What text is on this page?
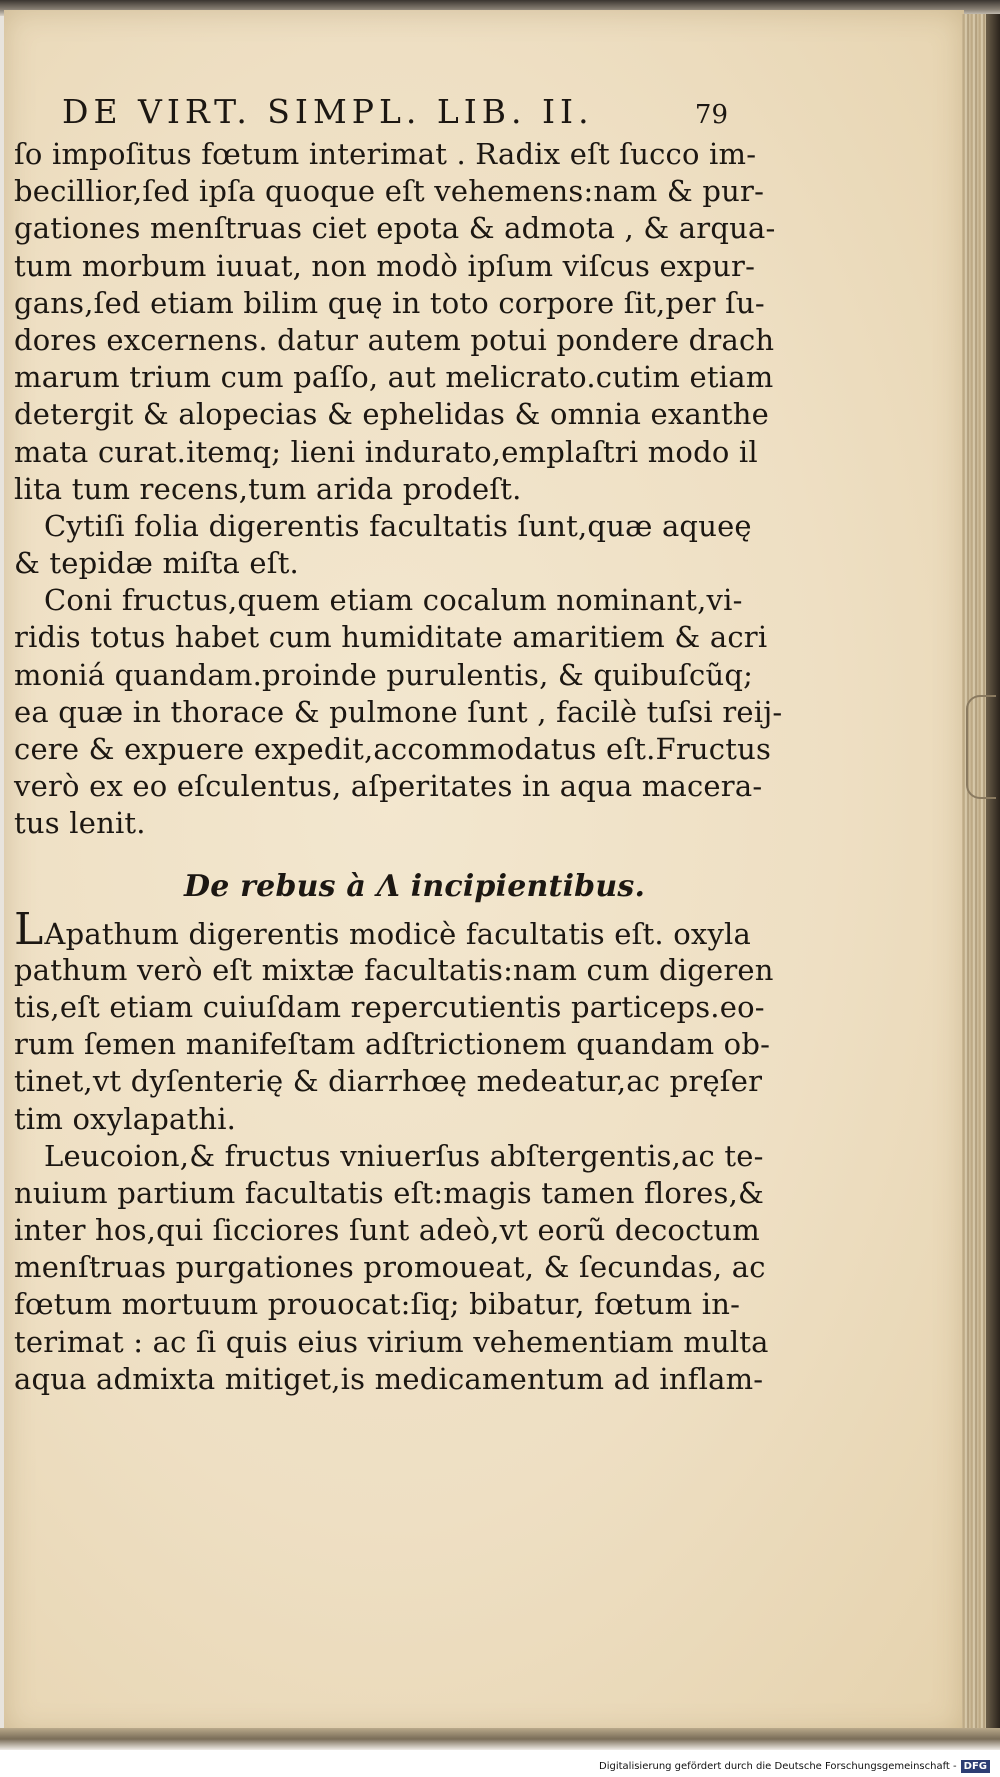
DE VIRT. SIMPL. LIB. II.	79
ſo impoſitus fœtum interimat . Radix eſt ſucco im-
becillior,ſed ipſa quoque eſt vehemens:nam & pur-
gationes menſtruas ciet epota & admota , & arqua-
tum morbum iuuat, non modò ipſum viſcus expur-
gans,ſed etiam bilim quę in toto corpore ſit,per ſu-
dores excernens. datur autem potui pondere drach
marum trium cum paſſo, aut melicrato.cutim etiam
detergit & alopecias & ephelidas & omnia exanthe
mata curat.itemq; lieni indurato,emplaſtri modo il
lita tum recens,tum arida prodeſt.
Cytiſi folia digerentis facultatis ſunt,quæ aqueę
& tepidæ miſta eſt.
Coni fructus,quem etiam cocalum nominant,vi-
ridis totus habet cum humiditate amaritiem & acri
moniá quandam.proinde purulentis, & quibuſcũq;
ea quæ in thorace & pulmone ſunt , facilè tuſsi reij-
cere & expuere expedit,accommodatus eſt.Fructus
verò ex eo eſculentus, aſperitates in aqua macera-
tus lenit.
De rebus à Λ incipientibus.
LApathum digerentis modicè facultatis eſt. oxyla
pathum verò eſt mixtæ facultatis:nam cum digeren
tis,eſt etiam cuiuſdam repercutientis particeps.eo-
rum ſemen manifeſtam adſtrictionem quandam ob-
tinet,vt dyſenterię & diarrhœę medeatur,ac pręſer
tim oxylapathi.
Leucoion,& fructus vniuerſus abſtergentis,ac te-
nuium partium facultatis eſt:magis tamen flores,&
inter hos,qui ſicciores ſunt adeò,vt eorũ decoctum
menſtruas purgationes promoueat, & ſecundas, ac
fœtum mortuum prouocat:ſiq; bibatur, fœtum in-
terimat : ac ſi quis eius virium vehementiam multa
aqua admixta mitiget,is medicamentum ad inflam-
Digitalisierung gefördert durch die Deutsche Forschungsgemeinschaft - DFG
